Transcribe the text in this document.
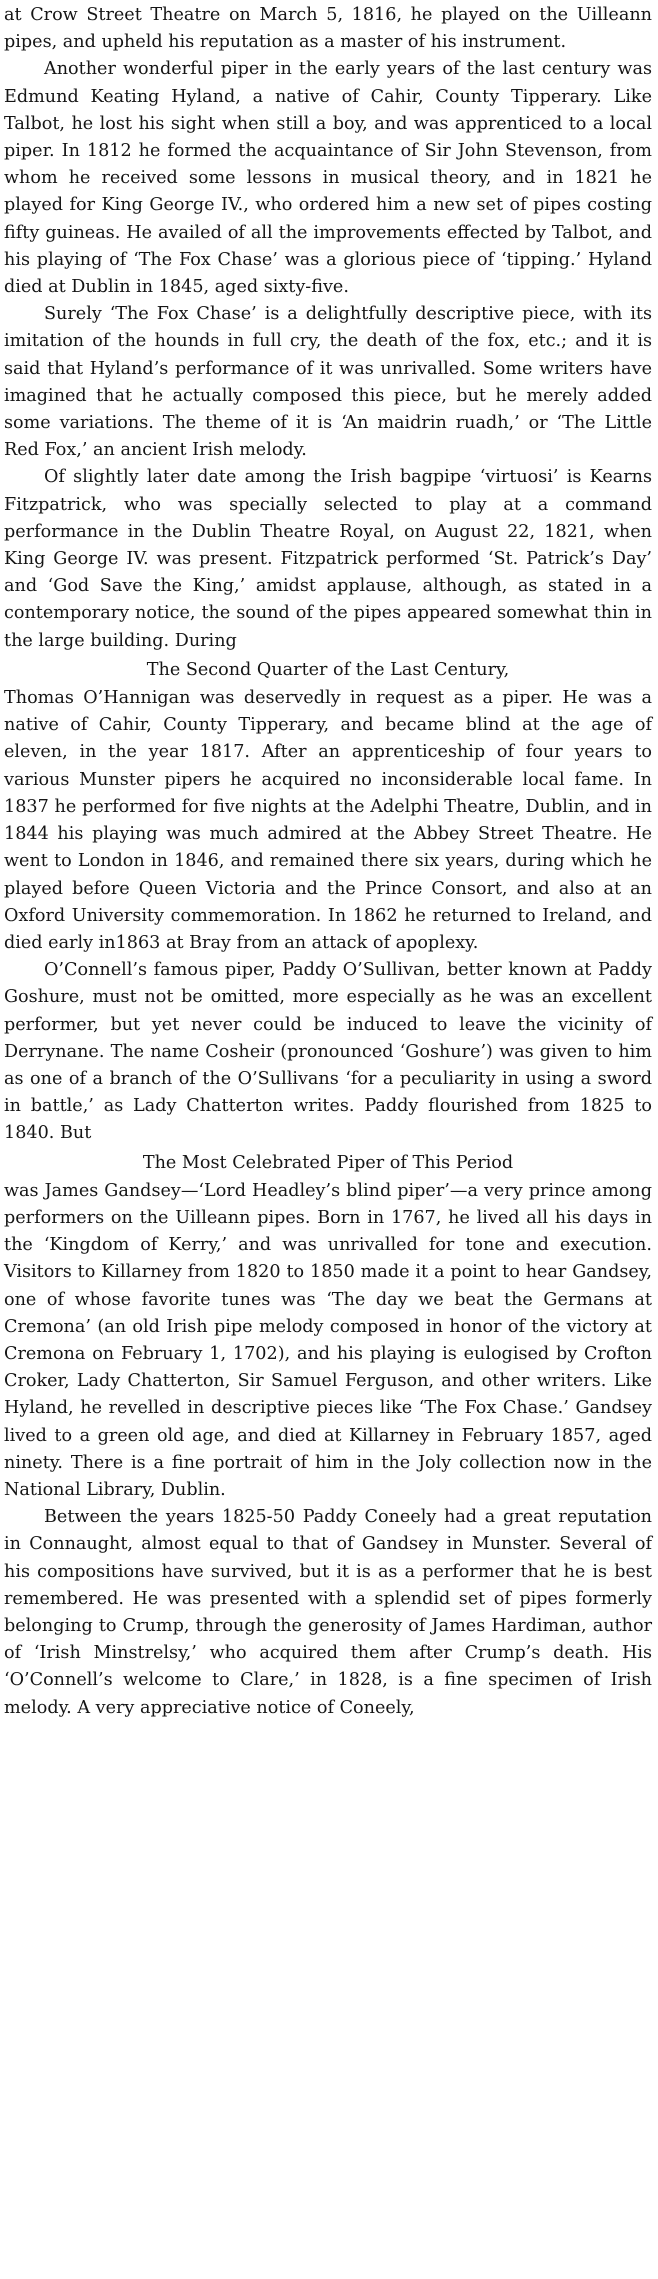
at Crow Street Theatre on March 5, 1816, he played on the Uilleann pipes, and upheld his reputation as a master of his instrument.

Another wonderful piper in the early years of the last century was Edmund Keating Hyland, a native of Cahir, County Tipperary. Like Talbot, he lost his sight when still a boy, and was apprenticed to a local piper. In 1812 he formed the acquaintance of Sir John Stevenson, from whom he received some lessons in musical theory, and in 1821 he played for King George IV., who ordered him a new set of pipes costing fifty guineas. He availed of all the improvements effected by Talbot, and his playing of ‘The Fox Chase’ was a glorious piece of ‘tipping.’ Hyland died at Dublin in 1845, aged sixty-five.

Surely ‘The Fox Chase’ is a delightfully descriptive piece, with its imitation of the hounds in full cry, the death of the fox, etc.; and it is said that Hyland’s performance of it was unrivalled. Some writers have imagined that he actually composed this piece, but he merely added some variations. The theme of it is ‘An maidrin ruadh,’ or ‘The Little Red Fox,’ an ancient Irish melody.

Of slightly later date among the Irish bagpipe ‘virtuosi’ is Kearns Fitzpatrick, who was specially selected to play at a command performance in the Dublin Theatre Royal, on August 22, 1821, when King George IV. was present. Fitzpatrick performed ‘St. Patrick’s Day’ and ‘God Save the King,’ amidst applause, although, as stated in a contemporary notice, the sound of the pipes appeared somewhat thin in the large building. During

The Second Quarter of the Last Century,

Thomas O’Hannigan was deservedly in request as a piper. He was a native of Cahir, County Tipperary, and became blind at the age of eleven, in the year 1817. After an apprenticeship of four years to various Munster pipers he acquired no inconsiderable local fame. In 1837 he performed for five nights at the Adelphi Theatre, Dublin, and in 1844 his playing was much admired at the Abbey Street Theatre. He went to London in 1846, and remained there six years, during which he played before Queen Victoria and the Prince Consort, and also at an Oxford University commemoration. In 1862 he returned to Ireland, and died early in1863 at Bray from an attack of apoplexy.

O’Connell’s famous piper, Paddy O’Sullivan, better known at Paddy Goshure, must not be omitted, more especially as he was an excellent performer, but yet never could be induced to leave the vicinity of Derrynane. The name Cosheir (pronounced ‘Goshure’) was given to him as one of a branch of the O’Sullivans ‘for a peculiarity in using a sword in battle,’ as Lady Chatterton writes. Paddy flourished from 1825 to 1840. But

The Most Celebrated Piper of This Period

was James Gandsey—‘Lord Headley’s blind piper’—a very prince among performers on the Uilleann pipes. Born in 1767, he lived all his days in the ‘Kingdom of Kerry,’ and was unrivalled for tone and execution. Visitors to Killarney from 1820 to 1850 made it a point to hear Gandsey, one of whose favorite tunes was ‘The day we beat the Germans at Cremona’ (an old Irish pipe melody composed in honor of the victory at Cremona on February 1, 1702), and his playing is eulogised by Crofton Croker, Lady Chatterton, Sir Samuel Ferguson, and other writers. Like Hyland, he revelled in descriptive pieces like ‘The Fox Chase.’ Gandsey lived to a green old age, and died at Killarney in February 1857, aged ninety. There is a fine portrait of him in the Joly collection now in the National Library, Dublin.

Between the years 1825-50 Paddy Coneely had a great reputation in Connaught, almost equal to that of Gandsey in Munster. Several of his compositions have survived, but it is as a performer that he is best remembered. He was presented with a splendid set of pipes formerly belonging to Crump, through the generosity of James Hardiman, author of ‘Irish Minstrelsy,’ who acquired them after Crump’s death. His ‘O’Connell’s welcome to Clare,’ in 1828, is a fine specimen of Irish melody. A very appreciative notice of Coneely,
